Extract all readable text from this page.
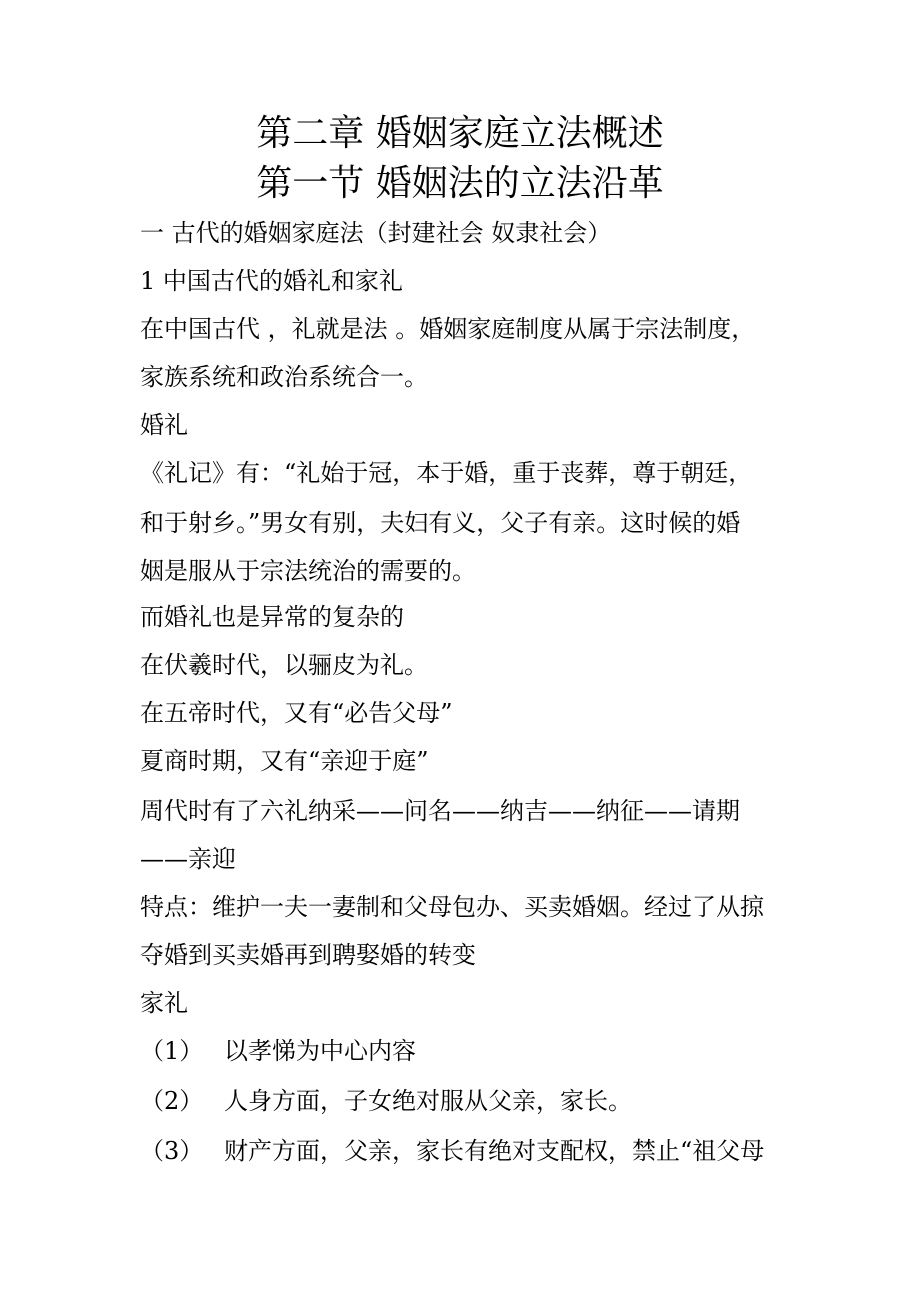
第二章 婚姻家庭立法概述
第一节 婚姻法的立法沿革
一 古代的婚姻家庭法（封建社会 奴隶社会）
1 中国古代的婚礼和家礼
在中国古代 ，礼就是法 。婚姻家庭制度从属于宗法制度，
家族系统和政治系统合一。
婚礼
《礼记》有：“礼始于冠，本于婚，重于丧葬，尊于朝廷，
和于射乡。”男女有别，夫妇有义，父子有亲。这时候的婚
姻是服从于宗法统治的需要的。
而婚礼也是异常的复杂的
在伏羲时代，以骊皮为礼。
在五帝时代，又有“必告父母”
夏商时期，又有“亲迎于庭”
周代时有了六礼纳采——问名——纳吉——纳征——请期
——亲迎
特点：维护一夫一妻制和父母包办、买卖婚姻。经过了从掠
夺婚到买卖婚再到聘娶婚的转变
家礼
（1） 以孝悌为中心内容
（2） 人身方面，子女绝对服从父亲，家长。
（3） 财产方面，父亲，家长有绝对支配权，禁止“祖父母
